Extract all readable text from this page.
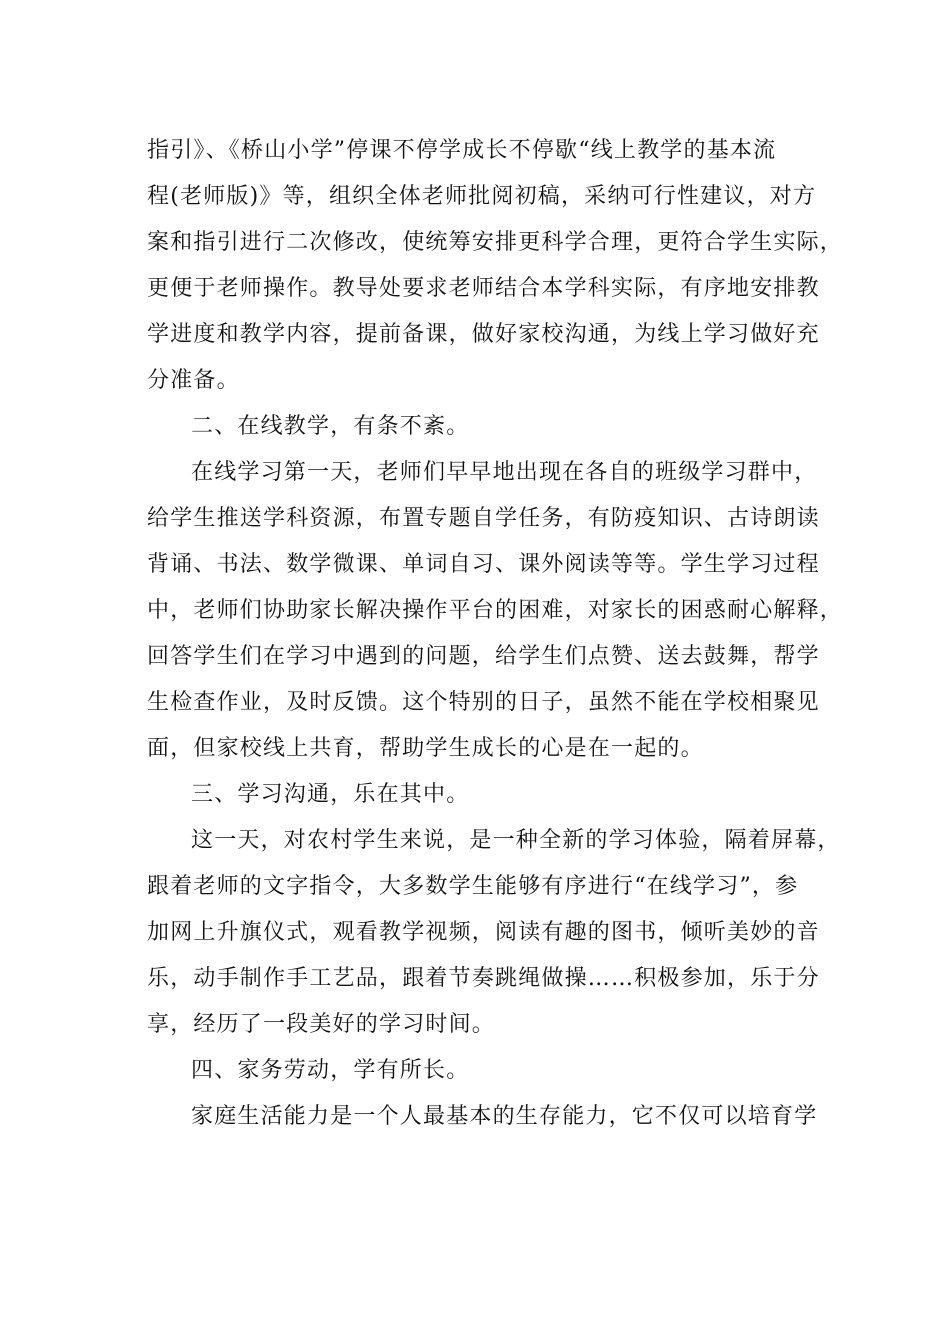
指引》、《桥山小学”停课不停学成长不停歇“线上教学的基本流
程(老师版)》等，组织全体老师批阅初稿，采纳可行性建议，对方
案和指引进行二次修改，使统筹安排更科学合理，更符合学生实际，
更便于老师操作。教导处要求老师结合本学科实际，有序地安排教
学进度和教学内容，提前备课，做好家校沟通，为线上学习做好充
分准备。
二、在线教学，有条不紊。
在线学习第一天，老师们早早地出现在各自的班级学习群中，
给学生推送学科资源，布置专题自学任务，有防疫知识、古诗朗读
背诵、书法、数学微课、单词自习、课外阅读等等。学生学习过程
中，老师们协助家长解决操作平台的困难，对家长的困惑耐心解释，
回答学生们在学习中遇到的问题，给学生们点赞、送去鼓舞，帮学
生检查作业，及时反馈。这个特别的日子，虽然不能在学校相聚见
面，但家校线上共育，帮助学生成长的心是在一起的。
三、学习沟通，乐在其中。
这一天，对农村学生来说，是一种全新的学习体验，隔着屏幕，
跟着老师的文字指令，大多数学生能够有序进行“在线学习”，参
加网上升旗仪式，观看教学视频，阅读有趣的图书，倾听美妙的音
乐，动手制作手工艺品，跟着节奏跳绳做操……积极参加，乐于分
享，经历了一段美好的学习时间。
四、家务劳动，学有所长。
家庭生活能力是一个人最基本的生存能力，它不仅可以培育学
